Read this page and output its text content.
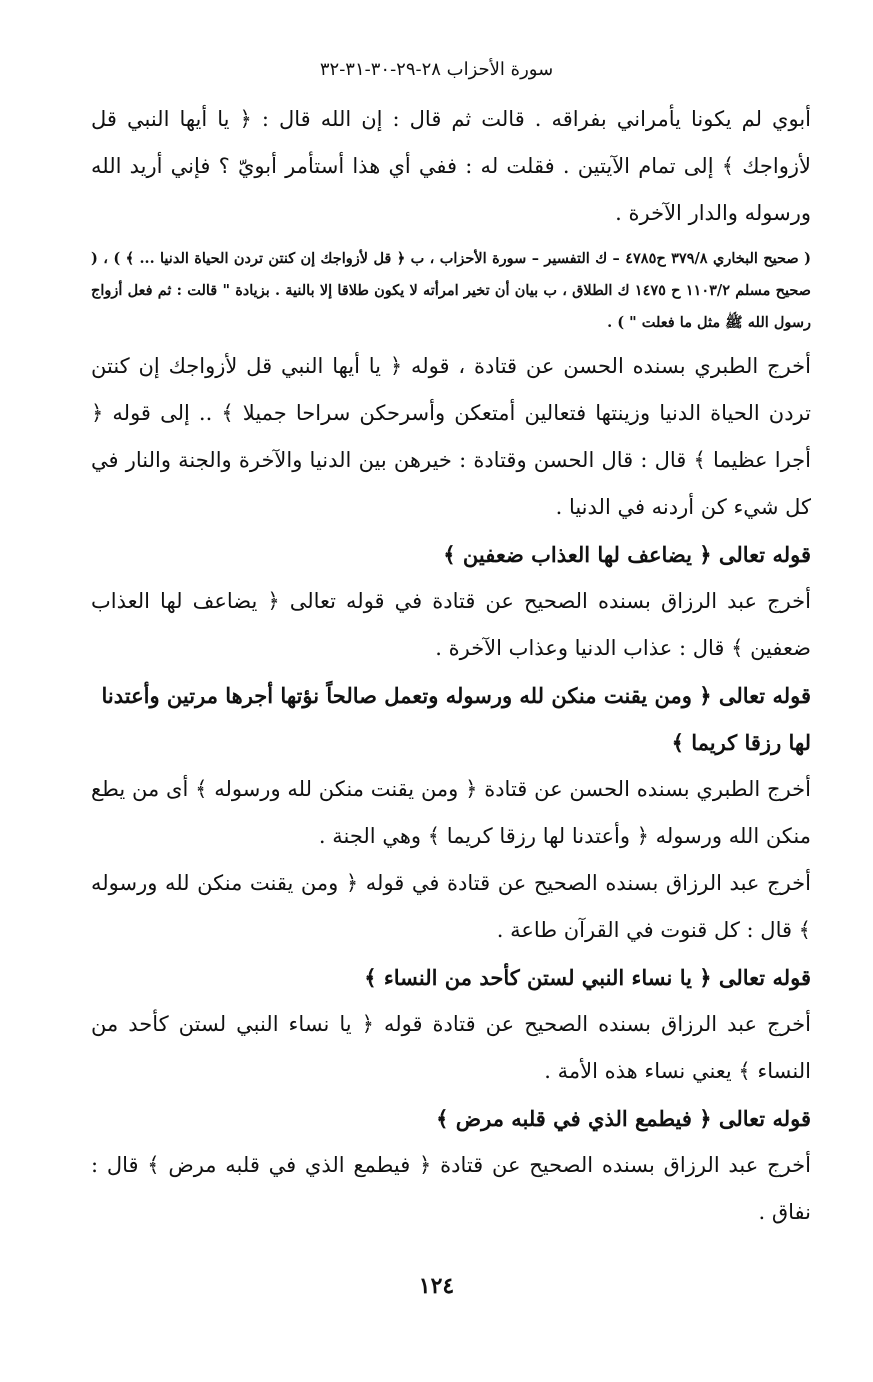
سورة الأحزاب ٢٨-٢٩-٣٠-٣١-٣٢

أبوي لم يكونا يأمراني بفراقه . قالت ثم قال : إن الله قال : ﴿ يا أيها النبي قل لأزواجك ﴾ إلى تمام الآيتين . فقلت له : ففي أي هذا أستأمر أبويّ ؟ فإني أريد الله ورسوله والدار الآخرة .

( صحيح البخاري ٣٧٩/٨ ح٤٧٨٥ – ك التفسير – سورة الأحزاب ، ب ﴿ قل لأزواجك إن كنتن تردن الحياة الدنيا ... ﴾ ) ، ( صحيح مسلم ١١٠٣/٢ ح ١٤٧٥ ك الطلاق ، ب بيان أن تخير امرأته لا يكون طلاقا إلا بالنية . بزيادة " قالت : ثم فعل أزواج رسول الله ﷺ مثل ما فعلت " ) .

أخرج الطبري بسنده الحسن عن قتادة ، قوله ﴿ يا أيها النبي قل لأزواجك إن كنتن تردن الحياة الدنيا وزينتها فتعالين أمتعكن وأسرحكن سراحا جميلا ﴾ .. إلى قوله ﴿ أجرا عظيما ﴾ قال : قال الحسن وقتادة : خيرهن بين الدنيا والآخرة والجنة والنار في كل شيء كن أردنه في الدنيا .

قوله تعالى ﴿ يضاعف لها العذاب ضعفين ﴾

أخرج عبد الرزاق بسنده الصحيح عن قتادة في قوله تعالى ﴿ يضاعف لها العذاب ضعفين ﴾ قال : عذاب الدنيا وعذاب الآخرة .

قوله تعالى ﴿ ومن يقنت منكن لله ورسوله وتعمل صالحاً نؤتها أجرها مرتين وأعتدنا لها رزقا كريما ﴾

أخرج الطبري بسنده الحسن عن قتادة ﴿ ومن يقنت منكن لله ورسوله ﴾ أى من يطع منكن الله ورسوله ﴿ وأعتدنا لها رزقا كريما ﴾ وهي الجنة .

أخرج عبد الرزاق بسنده الصحيح عن قتادة في قوله ﴿ ومن يقنت منكن لله ورسوله ﴾ قال : كل قنوت في القرآن طاعة .

قوله تعالى ﴿ يا نساء النبي لستن كأحد من النساء ﴾

أخرج عبد الرزاق بسنده الصحيح عن قتادة قوله ﴿ يا نساء النبي لستن كأحد من النساء ﴾ يعني نساء هذه الأمة .

قوله تعالى ﴿ فيطمع الذي في قلبه مرض ﴾

أخرج عبد الرزاق بسنده الصحيح عن قتادة ﴿ فيطمع الذي في قلبه مرض ﴾ قال : نفاق .

١٢٤
